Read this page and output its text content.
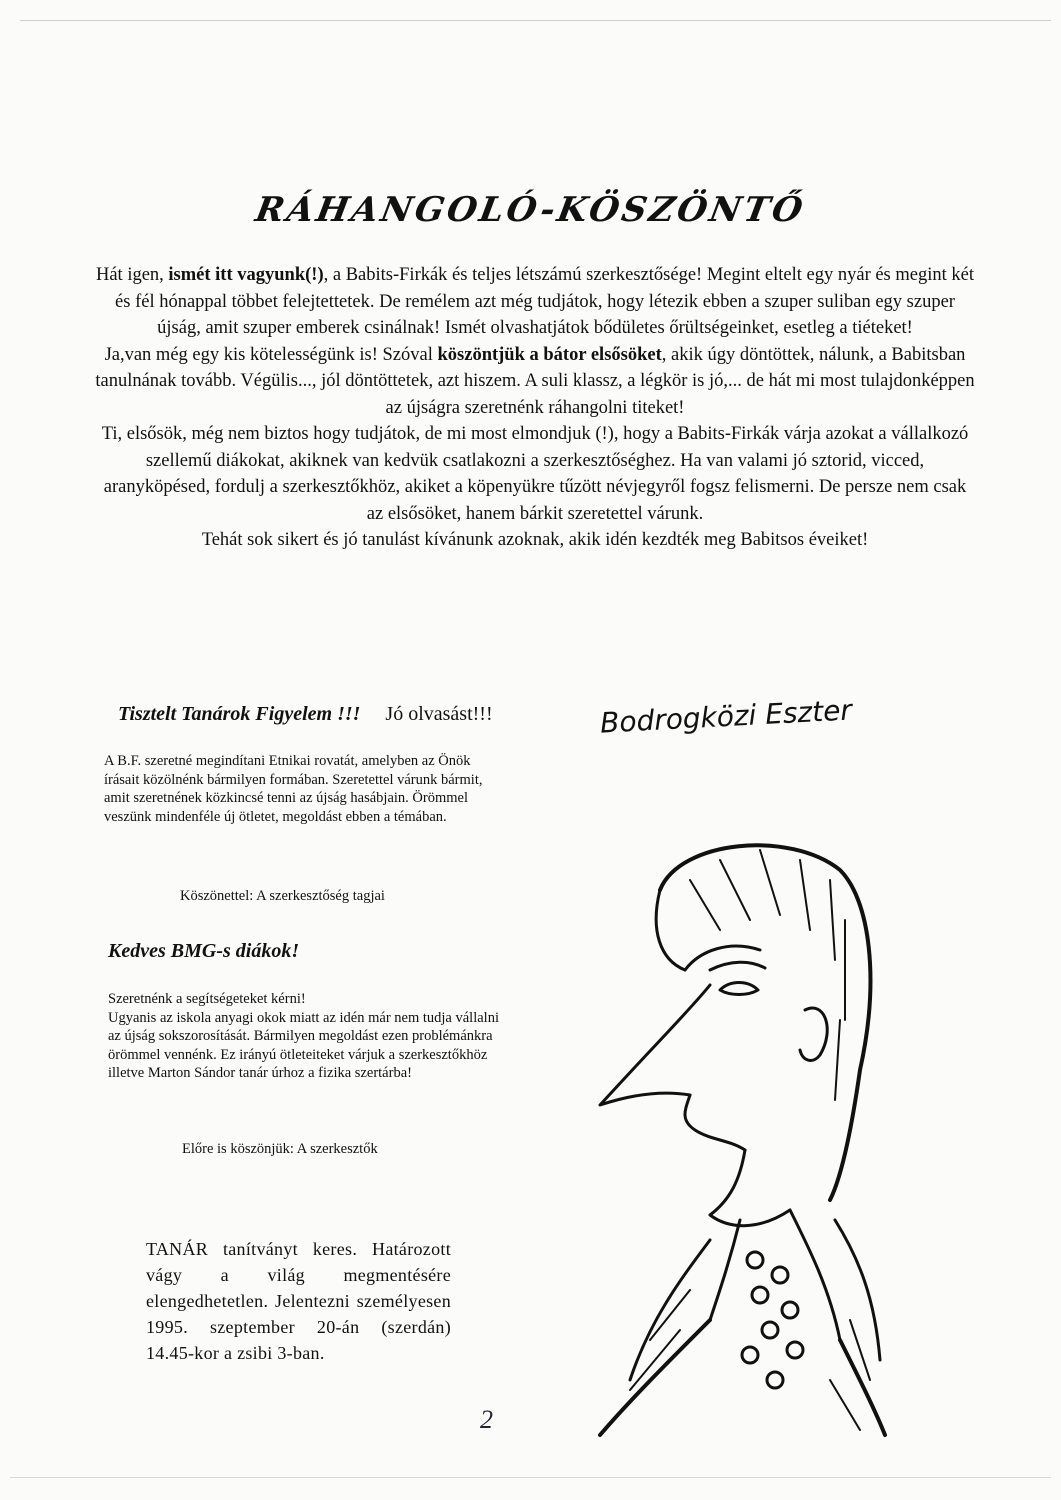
RÁHANGOLÓ-KÖSZÖNTŐ

Hát igen, ismét itt vagyunk(!), a Babits-Firkák és teljes létszámú szerkesztősége! Megint eltelt egy nyár és megint két és fél hónappal többet felejtettetek. De remélem azt még tudjátok, hogy létezik ebben a szuper suliban egy szuper újság, amit szuper emberek csinálnak! Ismét olvashatjátok bődületes őrültségeinket, esetleg a tiéteket!

Ja,van még egy kis kötelességünk is! Szóval köszöntjük a bátor elsősöket, akik úgy döntöttek, nálunk, a Babitsban tanulnának tovább. Végülis..., jól döntöttetek, azt hiszem. A suli klassz, a légkör is jó,... de hát mi most tulajdonképpen az újságra szeretnénk ráhangolni titeket!

Ti, elsősök, még nem biztos hogy tudjátok, de mi most elmondjuk (!), hogy a Babits-Firkák várja azokat a vállalkozó szellemű diákokat, akiknek van kedvük csatlakozni a szerkesztőséghez. Ha van valami jó sztorid, vicced, aranyköpésed, fordulj a szerkesztőkhöz, akiket a köpenyükre tűzött névjegyről fogsz felismerni. De persze nem csak az elsősöket, hanem bárkit szeretettel várunk.

Tehát sok sikert és jó tanulást kívánunk azoknak, akik idén kezdték meg Babitsos éveiket!

Tisztelt Tanárok Figyelem !!! Jó olvasást!!!
A B.F. szeretné megindítani Etnikai rovatát, amelyben az Önök írásait közölnénk bármilyen formában. Szeretettel várunk bármit, amit szeretnének közkincsé tenni az újság hasábjain. Örömmel veszünk mindenféle új ötletet, megoldást ebben a témában.
Köszönettel: A szerkesztőség tagjai
Kedves BMG-s diákok!
Szeretnénk a segítségeteket kérni!
Ugyanis az iskola anyagi okok miatt az idén már nem tudja vállalni az újság sokszorosítását. Bármilyen megoldást ezen problémánkra örömmel vennénk. Ez irányú ötleteiteket várjuk a szerkesztőkhöz illetve Marton Sándor tanár úrhoz a fizika szertárba!
Előre is köszönjük: A szerkesztők
TANÁR tanítványt keres. Határozott vágy a világ megmentésére elengedhetetlen. Jelentezni személyesen 1995. szeptember 20-án (szerdán) 14.45-kor a zsibi 3-ban.
Bodrogközi Eszter
2
